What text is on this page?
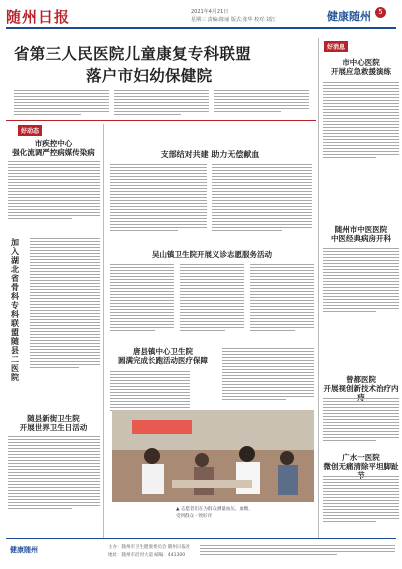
随州日报	2021年4月21日
星期三 责编:陈丽 版式:张华 校对:刘江	健康随州	5
省第三人民医院儿童康复专科联盟
落户市妇幼保健院
好消息
市中心医院
开展应急救援演练
随州市中医医院
中医经典病房开科
曾都医院
开展视创新技术治疗内
广水一医院
微创无痛清除平坦脚趾
好动态
市疾控中心
强化流调严控病媒传染病
加入湖北省骨科专科联盟随县二医院
随县新街卫生院
开展世界卫生日活动
支部结对共建 助力无偿献血
吴山镇卫生院开展义诊志愿服务活动
唐县镇中心卫生院
圆满完成长跑活动医疗保障
▲ 志愿者们在为群众测量血压、血糖，
受到群众一致好评
健康随州	主办：随州市卫生健康委员会 随州日报社
地址：随州市沿河大道 邮编：441300
